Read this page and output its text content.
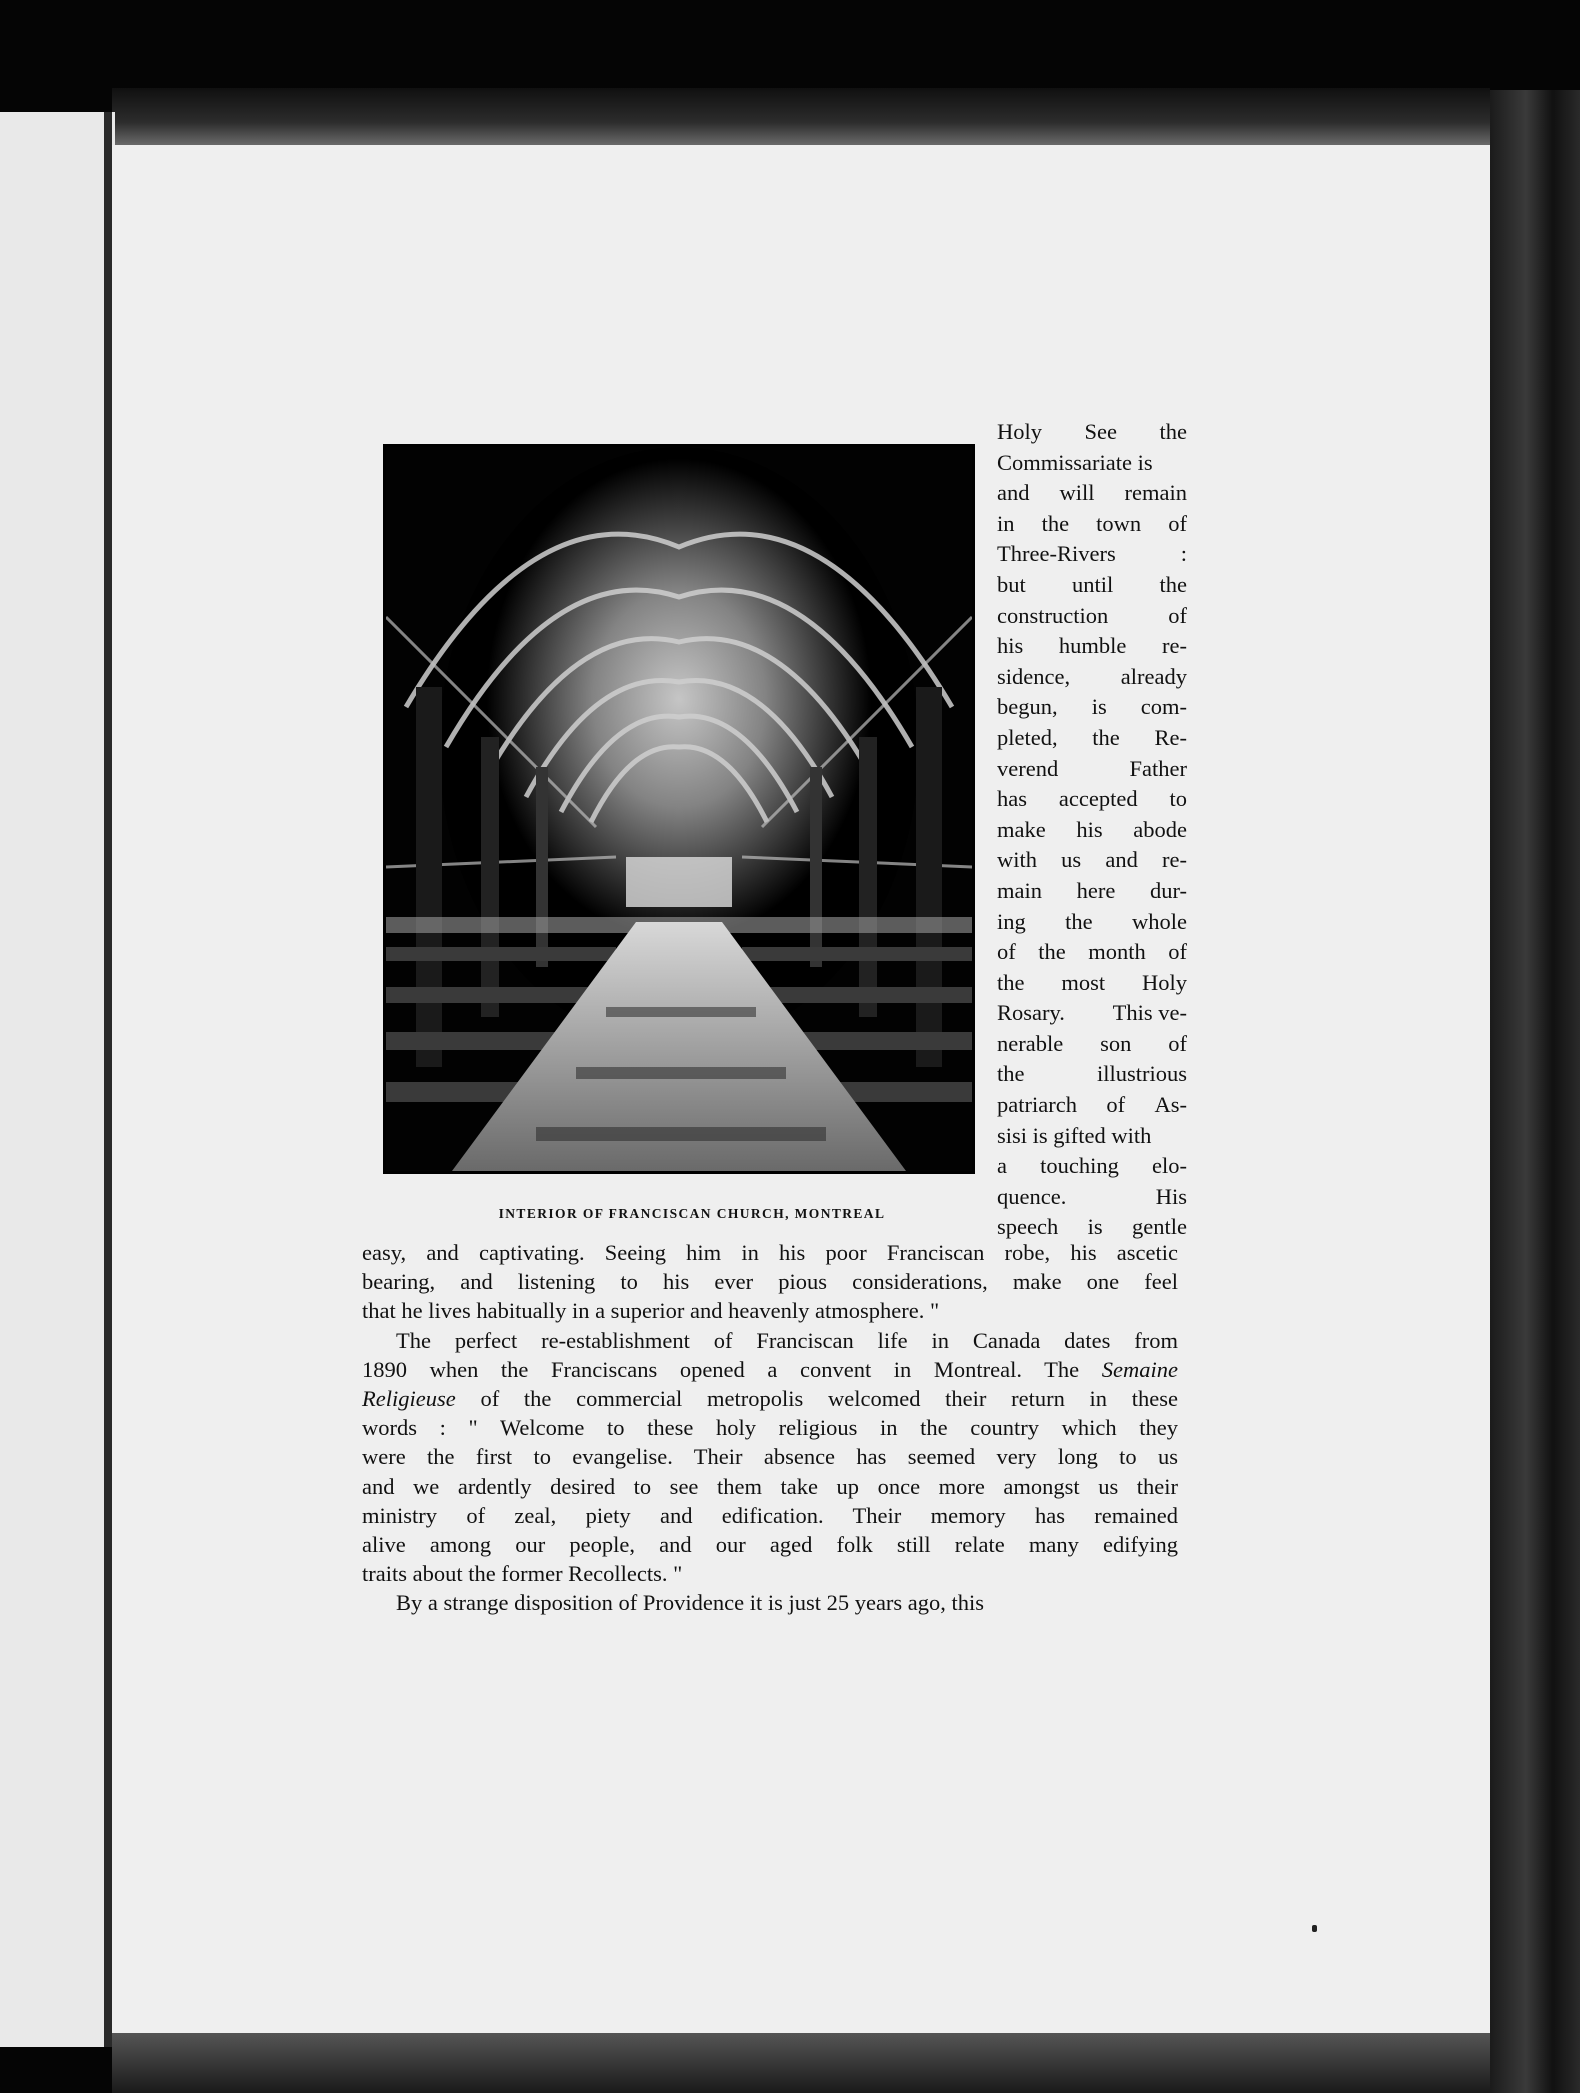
INTERIOR OF FRANCISCAN CHURCH, MONTREAL
Holy See the
Commissariate is
and will remain
in the town of
Three-Rivers	:
but until the
construction	of
his humble re-
sidence, already
begun, is com-
pleted, the Re-
verend	Father
has accepted to
make his abode
with us and re-
main here dur-
ing the whole
of the month of
the most Holy
Rosary. This ve-
nerable son of
the	illustrious
patriarch of As-
sisi is gifted with
a touching elo-
quence.	His
speech is gentle
easy, and captivating. Seeing him in his poor Franciscan robe, his ascetic
bearing, and listening to his ever pious considerations, make one feel
that he lives habitually in a superior and heavenly atmosphere. "
The perfect re-establishment of Franciscan life in Canada dates from
1890 when the Franciscans opened a convent in Montreal. The Semaine
Religieuse of the commercial metropolis welcomed their return in these
words : " Welcome to these holy religious in the country which they
were the first to evangelise. Their absence has seemed very long to us
and we ardently desired to see them take up once more amongst us their
ministry of zeal, piety and edification. Their memory has remained
alive among our people, and our aged folk still relate many edifying
traits about the former Recollects. "
By a strange disposition of Providence it is just 25 years ago, this
